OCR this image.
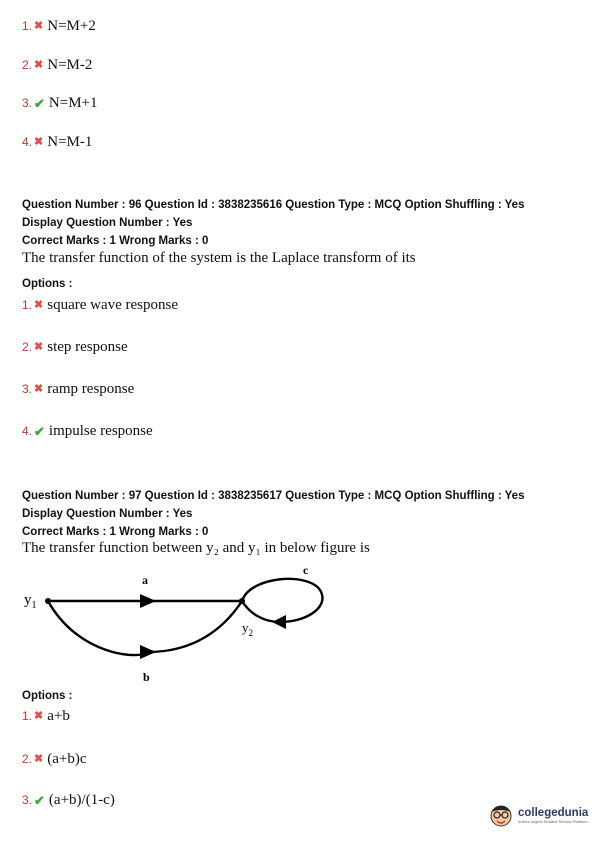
1. ✖ N=M+2
2. ✖ N=M-2
3. ✔ N=M+1
4. ✖ N=M-1
Question Number : 96 Question Id : 3838235616 Question Type : MCQ Option Shuffling : Yes
Display Question Number : Yes
Correct Marks : 1 Wrong Marks : 0
The transfer function of the system is the Laplace transform of its
Options :
1. ✖ square wave response
2. ✖ step response
3. ✖ ramp response
4. ✔ impulse response
Question Number : 97 Question Id : 3838235617 Question Type : MCQ Option Shuffling : Yes
Display Question Number : Yes
Correct Marks : 1 Wrong Marks : 0
The transfer function between y₂ and y₁ in below figure is
$y_1$
$y_2$
a
b
c
Options :
1. ✖ a+b
2. ✖ (a+b)c
3. ✔ (a+b)/(1-c)
collegedunia
India's largest Student Review Platform
